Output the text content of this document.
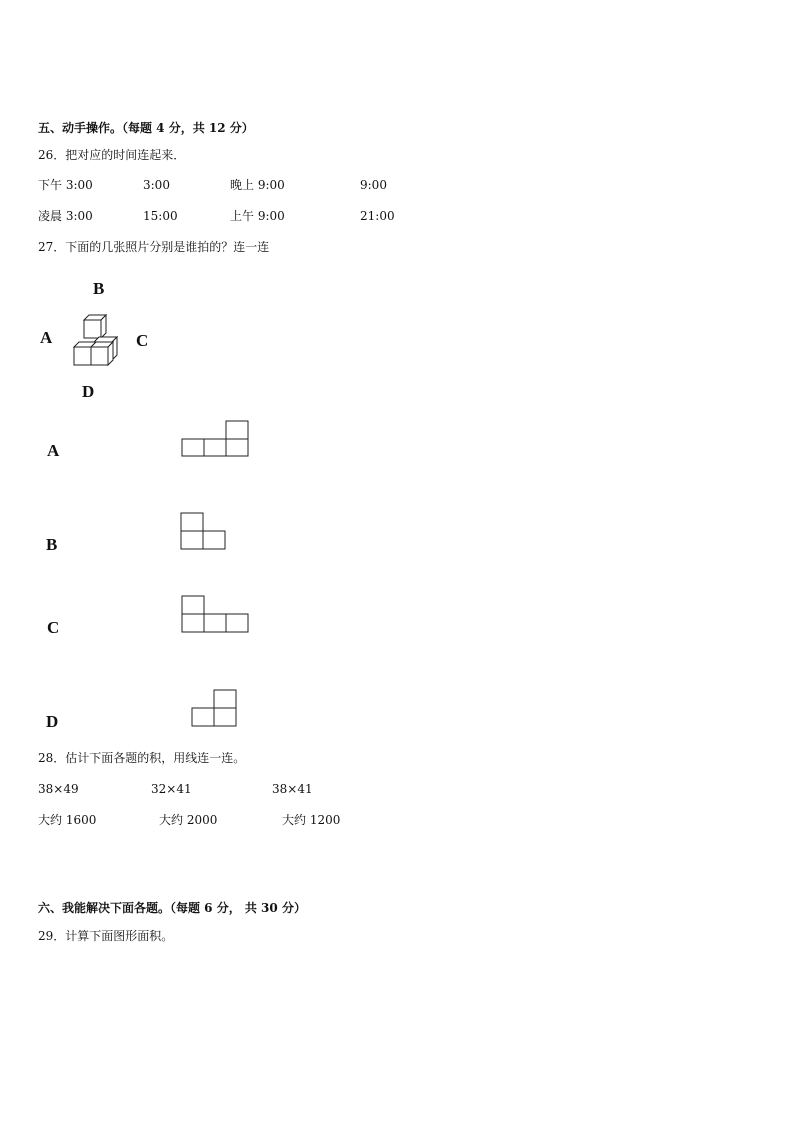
五、动手操作。（每题 4 分，共 12 分）
26．把对应的时间连起来．
下午 3:00	3:00	晚上 9:00	9:00
凌晨 3:00	15:00	上午 9:00	21:00
27．下面的几张照片分别是谁拍的？连一连
B
A	C
D
A
B
C
D
28．估计下面各题的积，用线连一连。
38×49	32×41	38×41
大约 1600	大约 2000	大约 1200
六、我能解决下面各题。（每题 6 分， 共 30 分）
29．计算下面图形面积。
